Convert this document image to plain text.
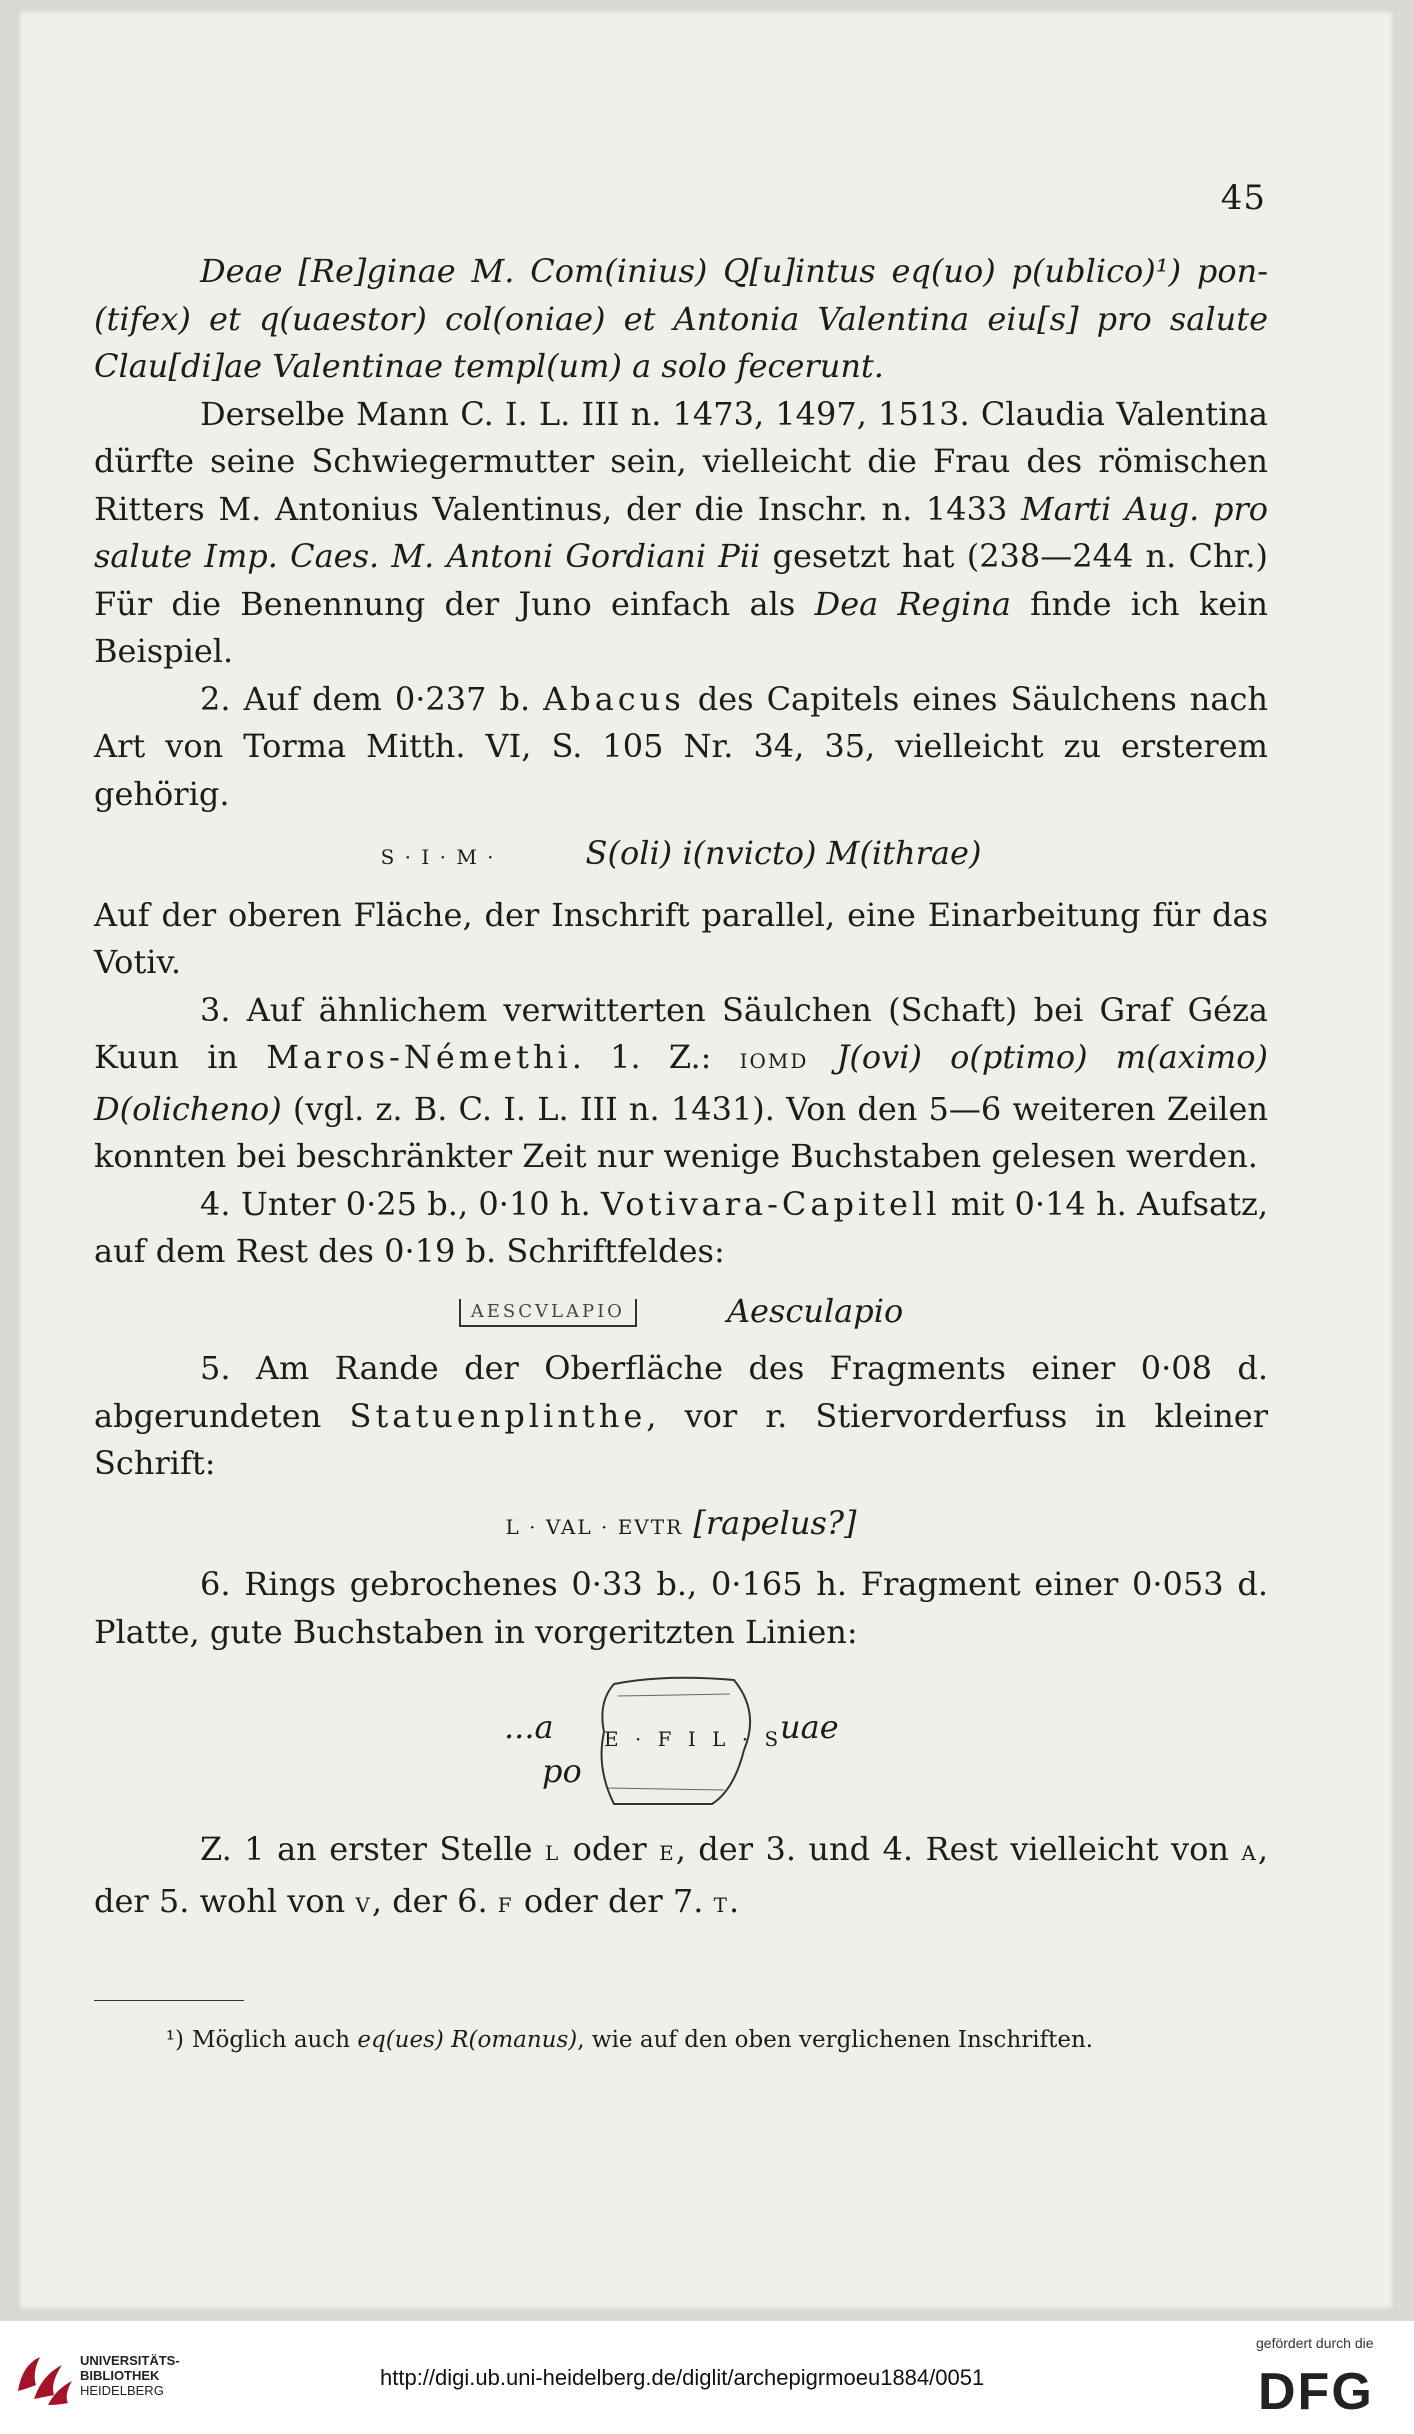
45

Deae [Re]ginae M. Com(inius) Q[u]intus eq(uo) p(ublico)¹) pon-(tifex) et q(uaestor) col(oniae) et Antonia Valentina eiu[s] pro salute Clau[di]ae Valentinae templ(um) a solo fecerunt.

Derselbe Mann C. I. L. III n. 1473, 1497, 1513. Claudia Valentina dürfte seine Schwiegermutter sein, vielleicht die Frau des römischen Ritters M. Antonius Valentinus, der die Inschr. n. 1433 Marti Aug. pro salute Imp. Caes. M. Antoni Gordiani Pii gesetzt hat (238—244 n. Chr.) Für die Benennung der Juno einfach als Dea Regina finde ich kein Beispiel.

2. Auf dem 0·237 b. Abacus des Capitels eines Säulchens nach Art von Torma Mitth. VI, S. 105 Nr. 34, 35, vielleicht zu ersterem gehörig.

S · I · M ·	S(oli) i(nvicto) M(ithrae)

Auf der oberen Fläche, der Inschrift parallel, eine Einarbeitung für das Votiv.

3. Auf ähnlichem verwitterten Säulchen (Schaft) bei Graf Géza Kuun in Maros-Némethi. 1. Z.: IOMD J(ovi) o(ptimo) m(aximo) D(olicheno) (vgl. z. B. C. I. L. III n. 1431). Von den 5—6 weiteren Zeilen konnten bei beschränkter Zeit nur wenige Buchstaben gelesen werden.

4. Unter 0·25 b., 0·10 h. Votivara-Capitell mit 0·14 h. Aufsatz, auf dem Rest des 0·19 b. Schriftfeldes:

AESCVLAPIO	Aesculapio

5. Am Rande der Oberfläche des Fragments einer 0·08 d. abgerundeten Statuenplinthe, vor r. Stiervorderfuss in kleiner Schrift:

L · VAL · EVTR [rapelus?]

6. Rings gebrochenes 0·33 b., 0·165 h. Fragment einer 0·053 d. Platte, gute Buchstaben in vorgeritzten Linien:

...a	E · F I L · S
uae
po

Z. 1 an erster Stelle L oder E, der 3. und 4. Rest vielleicht von A, der 5. wohl von V, der 6. F oder der 7. T.

¹) Möglich auch eq(ues) R(omanus), wie auf den oben verglichenen Inschriften.
UNIVERSITÄTS-
BIBLIOTHEK
HEIDELBERG
http://digi.ub.uni-heidelberg.de/diglit/archepigrmoeu1884/0051
gefördert durch die
DFG
